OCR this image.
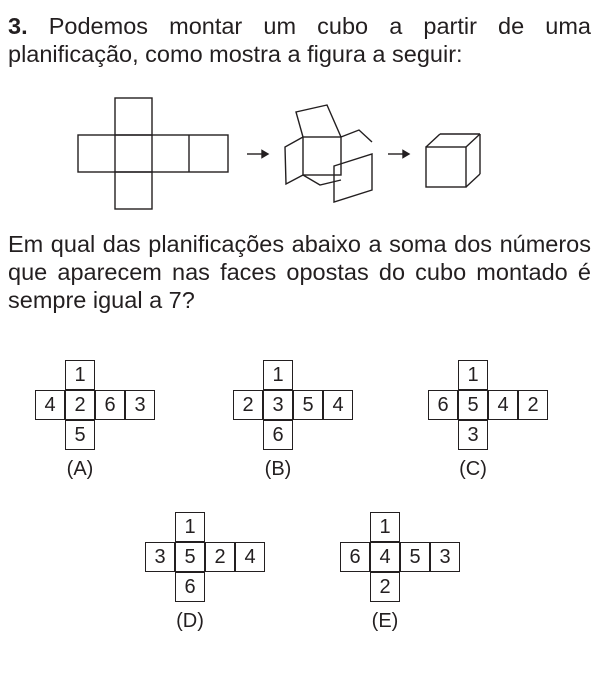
3. Podemos montar um cubo a partir de uma planificação, como mostra a figura a seguir:

Em qual das planificações abaixo a soma dos números que aparecem nas faces opostas do cubo montado é sempre igual a 7?

1
4 2 6 3
5
(A)
1
2 3 5 4
6
(B)
1
6 5 4 2
3
(C)
1
3 5 2 4
6
(D)
1
6 4 5 3
2
(E)
